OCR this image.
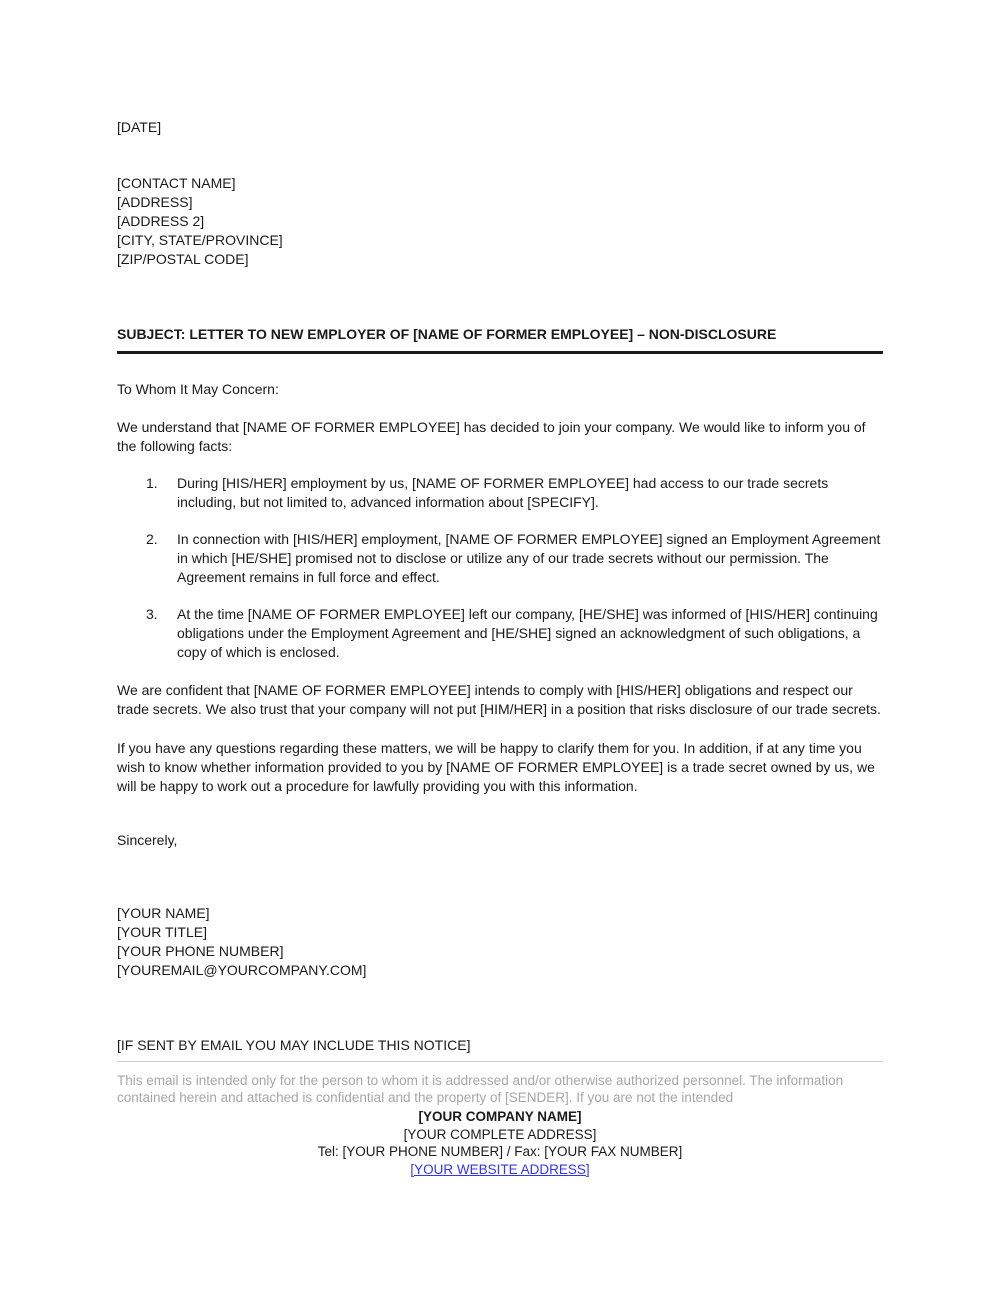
[DATE]
[CONTACT NAME]
[ADDRESS]
[ADDRESS 2]
[CITY, STATE/PROVINCE]
[ZIP/POSTAL CODE]
SUBJECT: LETTER TO NEW EMPLOYER OF [NAME OF FORMER EMPLOYEE] – NON-DISCLOSURE
To Whom It May Concern:
We understand that [NAME OF FORMER EMPLOYEE] has decided to join your company. We would like to inform you of the following facts:
1.	During [HIS/HER] employment by us, [NAME OF FORMER EMPLOYEE] had access to our trade secrets including, but not limited to, advanced information about [SPECIFY].
2.	In connection with [HIS/HER] employment, [NAME OF FORMER EMPLOYEE] signed an Employment Agreement in which [HE/SHE] promised not to disclose or utilize any of our trade secrets without our permission. The Agreement remains in full force and effect.
3.	At the time [NAME OF FORMER EMPLOYEE] left our company, [HE/SHE] was informed of [HIS/HER] continuing obligations under the Employment Agreement and [HE/SHE] signed an acknowledgment of such obligations, a copy of which is enclosed.
We are confident that [NAME OF FORMER EMPLOYEE] intends to comply with [HIS/HER] obligations and respect our trade secrets. We also trust that your company will not put [HIM/HER] in a position that risks disclosure of our trade secrets.
If you have any questions regarding these matters, we will be happy to clarify them for you. In addition, if at any time you wish to know whether information provided to you by [NAME OF FORMER EMPLOYEE] is a trade secret owned by us, we will be happy to work out a procedure for lawfully providing you with this information.
Sincerely,
[YOUR NAME]
[YOUR TITLE]
[YOUR PHONE NUMBER]
[YOUREMAIL@YOURCOMPANY.COM]
[IF SENT BY EMAIL YOU MAY INCLUDE THIS NOTICE]
This email is intended only for the person to whom it is addressed and/or otherwise authorized personnel. The information contained herein and attached is confidential and the property of [SENDER]. If you are not the intended
[YOUR COMPANY NAME]
[YOUR COMPLETE ADDRESS]
Tel: [YOUR PHONE NUMBER] / Fax: [YOUR FAX NUMBER]
[YOUR WEBSITE ADDRESS]
